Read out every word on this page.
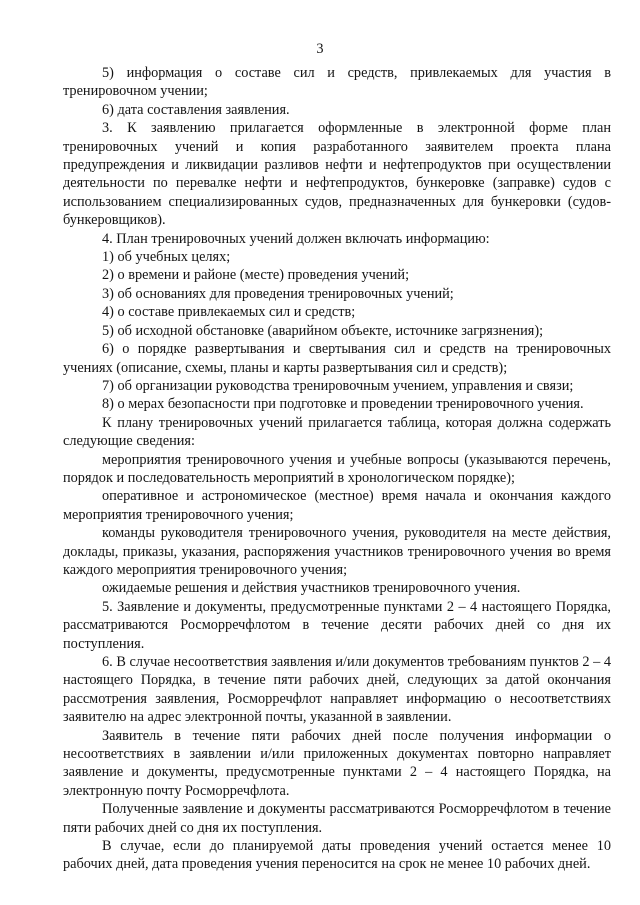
3

5) информация о составе сил и средств, привлекаемых для участия в тренировочном учении;

6) дата составления заявления.

3. К заявлению прилагается оформленные в электронной форме план тренировочных учений и копия разработанного заявителем проекта плана предупреждения и ликвидации разливов нефти и нефтепродуктов при осуществлении деятельности по перевалке нефти и нефтепродуктов, бункеровке (заправке) судов с использованием специализированных судов, предназначенных для бункеровки (судов-бункеровщиков).

4. План тренировочных учений должен включать информацию:

1) об учебных целях;

2) о времени и районе (месте) проведения учений;

3) об основаниях для проведения тренировочных учений;

4) о составе привлекаемых сил и средств;

5) об исходной обстановке (аварийном объекте, источнике загрязнения);

6) о порядке развертывания и свертывания сил и средств на тренировочных учениях (описание, схемы, планы и карты развертывания сил и средств);

7) об организации руководства тренировочным учением, управления и связи;

8) о мерах безопасности при подготовке и проведении тренировочного учения.

К плану тренировочных учений прилагается таблица, которая должна содержать следующие сведения:

мероприятия тренировочного учения и учебные вопросы (указываются перечень, порядок и последовательность мероприятий в хронологическом порядке);

оперативное и астрономическое (местное) время начала и окончания каждого мероприятия тренировочного учения;

команды руководителя тренировочного учения, руководителя на месте действия, доклады, приказы, указания, распоряжения участников тренировочного учения во время каждого мероприятия тренировочного учения;

ожидаемые решения и действия участников тренировочного учения.

5. Заявление и документы, предусмотренные пунктами 2 – 4 настоящего Порядка, рассматриваются Росморречфлотом в течение десяти рабочих дней со дня их поступления.

6. В случае несоответствия заявления и/или документов требованиям пунктов 2 – 4 настоящего Порядка, в течение пяти рабочих дней, следующих за датой окончания рассмотрения заявления, Росморречфлот направляет информацию о несоответствиях заявителю на адрес электронной почты, указанной в заявлении.

Заявитель в течение пяти рабочих дней после получения информации о несоответствиях в заявлении и/или приложенных документах повторно направляет заявление и документы, предусмотренные пунктами 2 – 4 настоящего Порядка, на электронную почту Росморречфлота.

Полученные заявление и документы рассматриваются Росморречфлотом в течение пяти рабочих дней со дня их поступления.

В случае, если до планируемой даты проведения учений остается менее 10 рабочих дней, дата проведения учения переносится на срок не менее 10 рабочих дней.
